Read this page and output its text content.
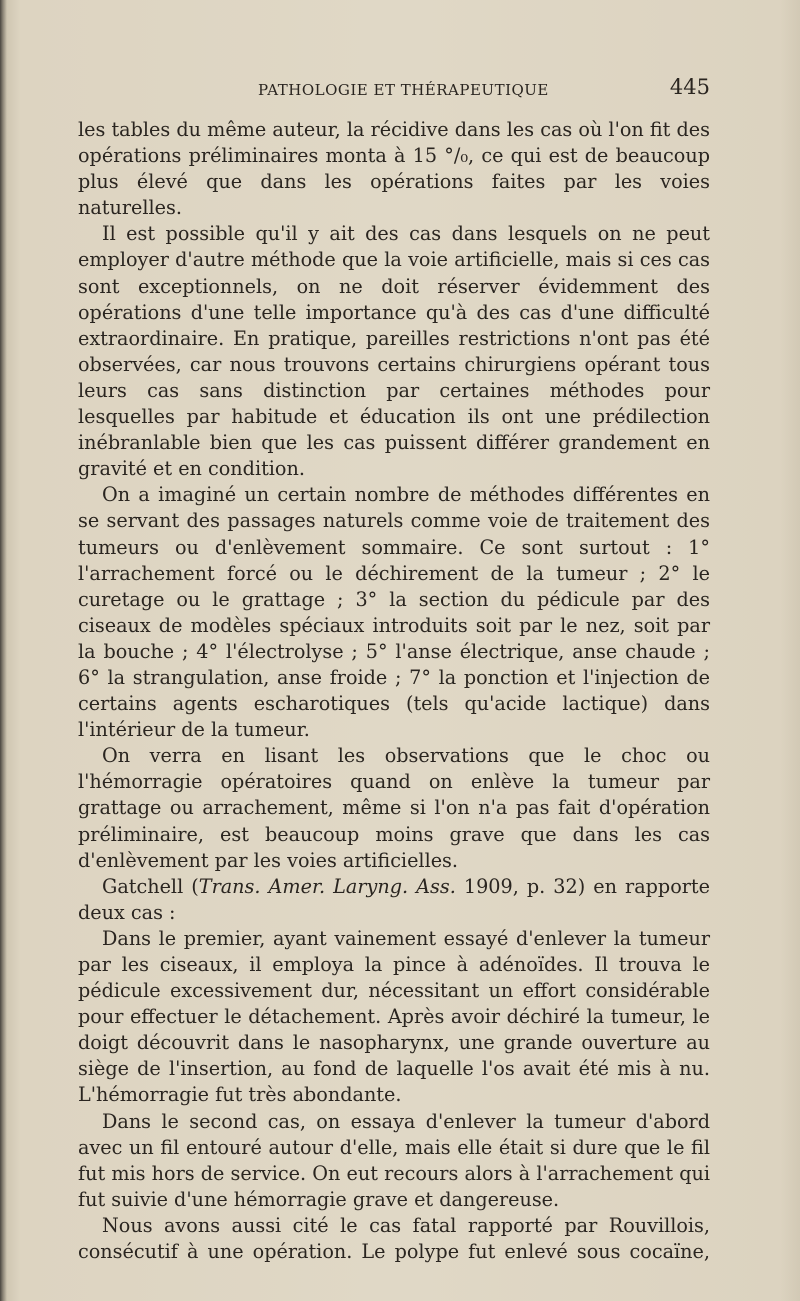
PATHOLOGIE ET THÉRAPEUTIQUE	445

les tables du même auteur, la récidive dans les cas où l'on fit des opérations préliminaires monta à 15 °/₀, ce qui est de beaucoup plus élevé que dans les opérations faites par les voies naturelles.

Il est possible qu'il y ait des cas dans lesquels on ne peut employer d'autre méthode que la voie artificielle, mais si ces cas sont exceptionnels, on ne doit réserver évidemment des opérations d'une telle importance qu'à des cas d'une difficulté extraordinaire. En pratique, pareilles restrictions n'ont pas été observées, car nous trouvons certains chirurgiens opérant tous leurs cas sans distinction par certaines méthodes pour lesquelles par habitude et éducation ils ont une prédilection inébranlable bien que les cas puissent différer grandement en gravité et en condition.

On a imaginé un certain nombre de méthodes différentes en se servant des passages naturels comme voie de traitement des tumeurs ou d'enlèvement sommaire. Ce sont surtout : 1° l'arrachement forcé ou le déchirement de la tumeur ; 2° le curetage ou le grattage ; 3° la section du pédicule par des ciseaux de modèles spéciaux introduits soit par le nez, soit par la bouche ; 4° l'électrolyse ; 5° l'anse électrique, anse chaude ; 6° la strangulation, anse froide ; 7° la ponction et l'injection de certains agents escharotiques (tels qu'acide lactique) dans l'intérieur de la tumeur.

On verra en lisant les observations que le choc ou l'hémorragie opératoires quand on enlève la tumeur par grattage ou arrachement, même si l'on n'a pas fait d'opération préliminaire, est beaucoup moins grave que dans les cas d'enlèvement par les voies artificielles.

Gatchell (Trans. Amer. Laryng. Ass. 1909, p. 32) en rapporte deux cas :

Dans le premier, ayant vainement essayé d'enlever la tumeur par les ciseaux, il employa la pince à adénoïdes. Il trouva le pédicule excessivement dur, nécessitant un effort considérable pour effectuer le détachement. Après avoir déchiré la tumeur, le doigt découvrit dans le nasopharynx, une grande ouverture au siège de l'insertion, au fond de laquelle l'os avait été mis à nu. L'hémorragie fut très abondante.

Dans le second cas, on essaya d'enlever la tumeur d'abord avec un fil entouré autour d'elle, mais elle était si dure que le fil fut mis hors de service. On eut recours alors à l'arrachement qui fut suivie d'une hémorragie grave et dangereuse.

Nous avons aussi cité le cas fatal rapporté par Rouvillois, consécutif à une opération. Le polype fut enlevé sous cocaïne,
